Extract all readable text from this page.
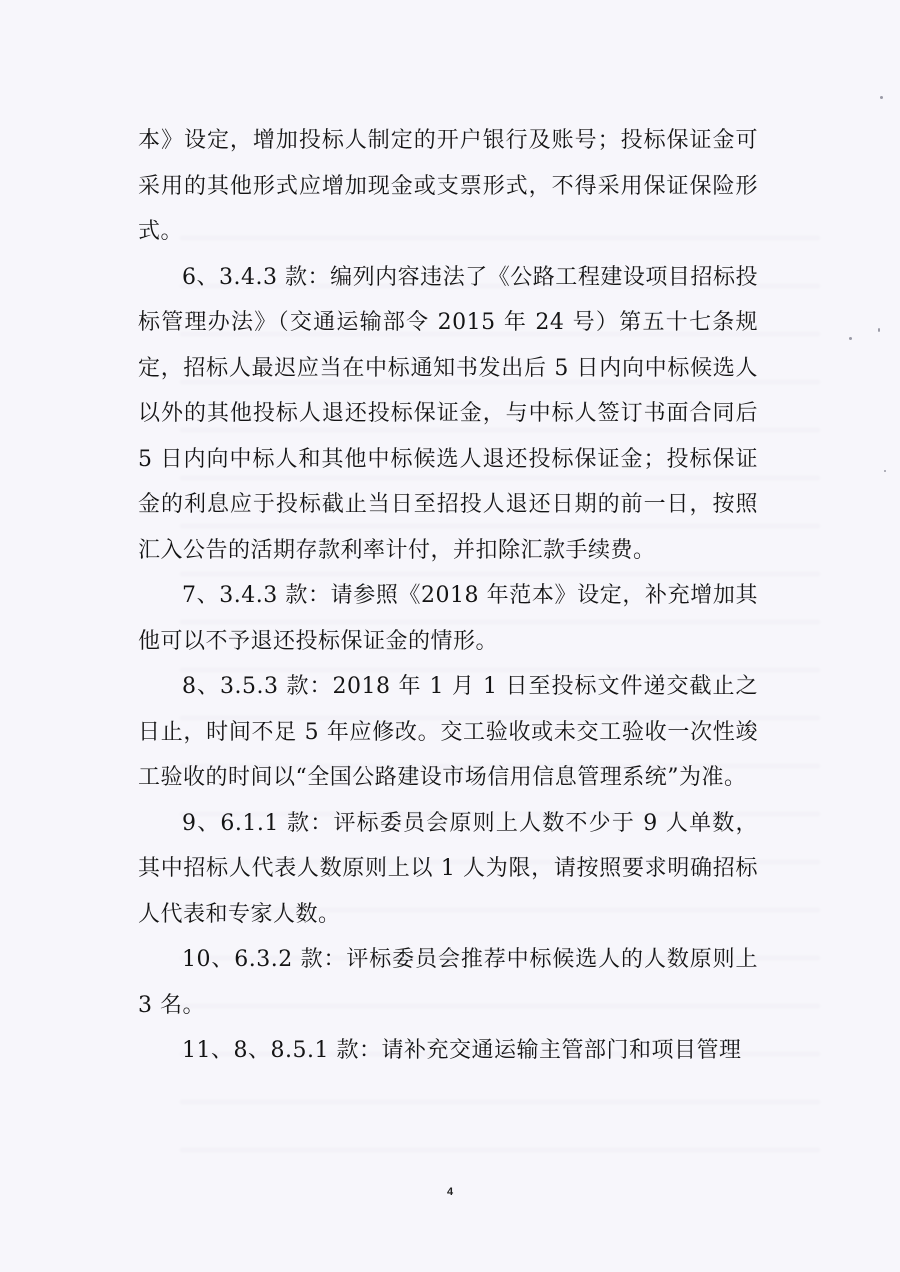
本》设定，增加投标人制定的开户银行及账号；投标保证金可采用的其他形式应增加现金或支票形式，不得采用保证保险形式。

6、3.4.3 款：编列内容违法了《公路工程建设项目招标投标管理办法》（交通运输部令 2015 年 24 号）第五十七条规定，招标人最迟应当在中标通知书发出后 5 日内向中标候选人以外的其他投标人退还投标保证金，与中标人签订书面合同后 5 日内向中标人和其他中标候选人退还投标保证金；投标保证金的利息应于投标截止当日至招投人退还日期的前一日，按照汇入公告的活期存款利率计付，并扣除汇款手续费。

7、3.4.3 款：请参照《2018 年范本》设定，补充增加其他可以不予退还投标保证金的情形。

8、3.5.3 款：2018 年 1 月 1 日至投标文件递交截止之日止，时间不足 5 年应修改。交工验收或未交工验收一次性竣工验收的时间以“全国公路建设市场信用信息管理系统”为准。

9、6.1.1 款：评标委员会原则上人数不少于 9 人单数，其中招标人代表人数原则上以 1 人为限，请按照要求明确招标人代表和专家人数。

10、6.3.2 款：评标委员会推荐中标候选人的人数原则上 3 名。

11、8、8.5.1 款：请补充交通运输主管部门和项目管理

4
